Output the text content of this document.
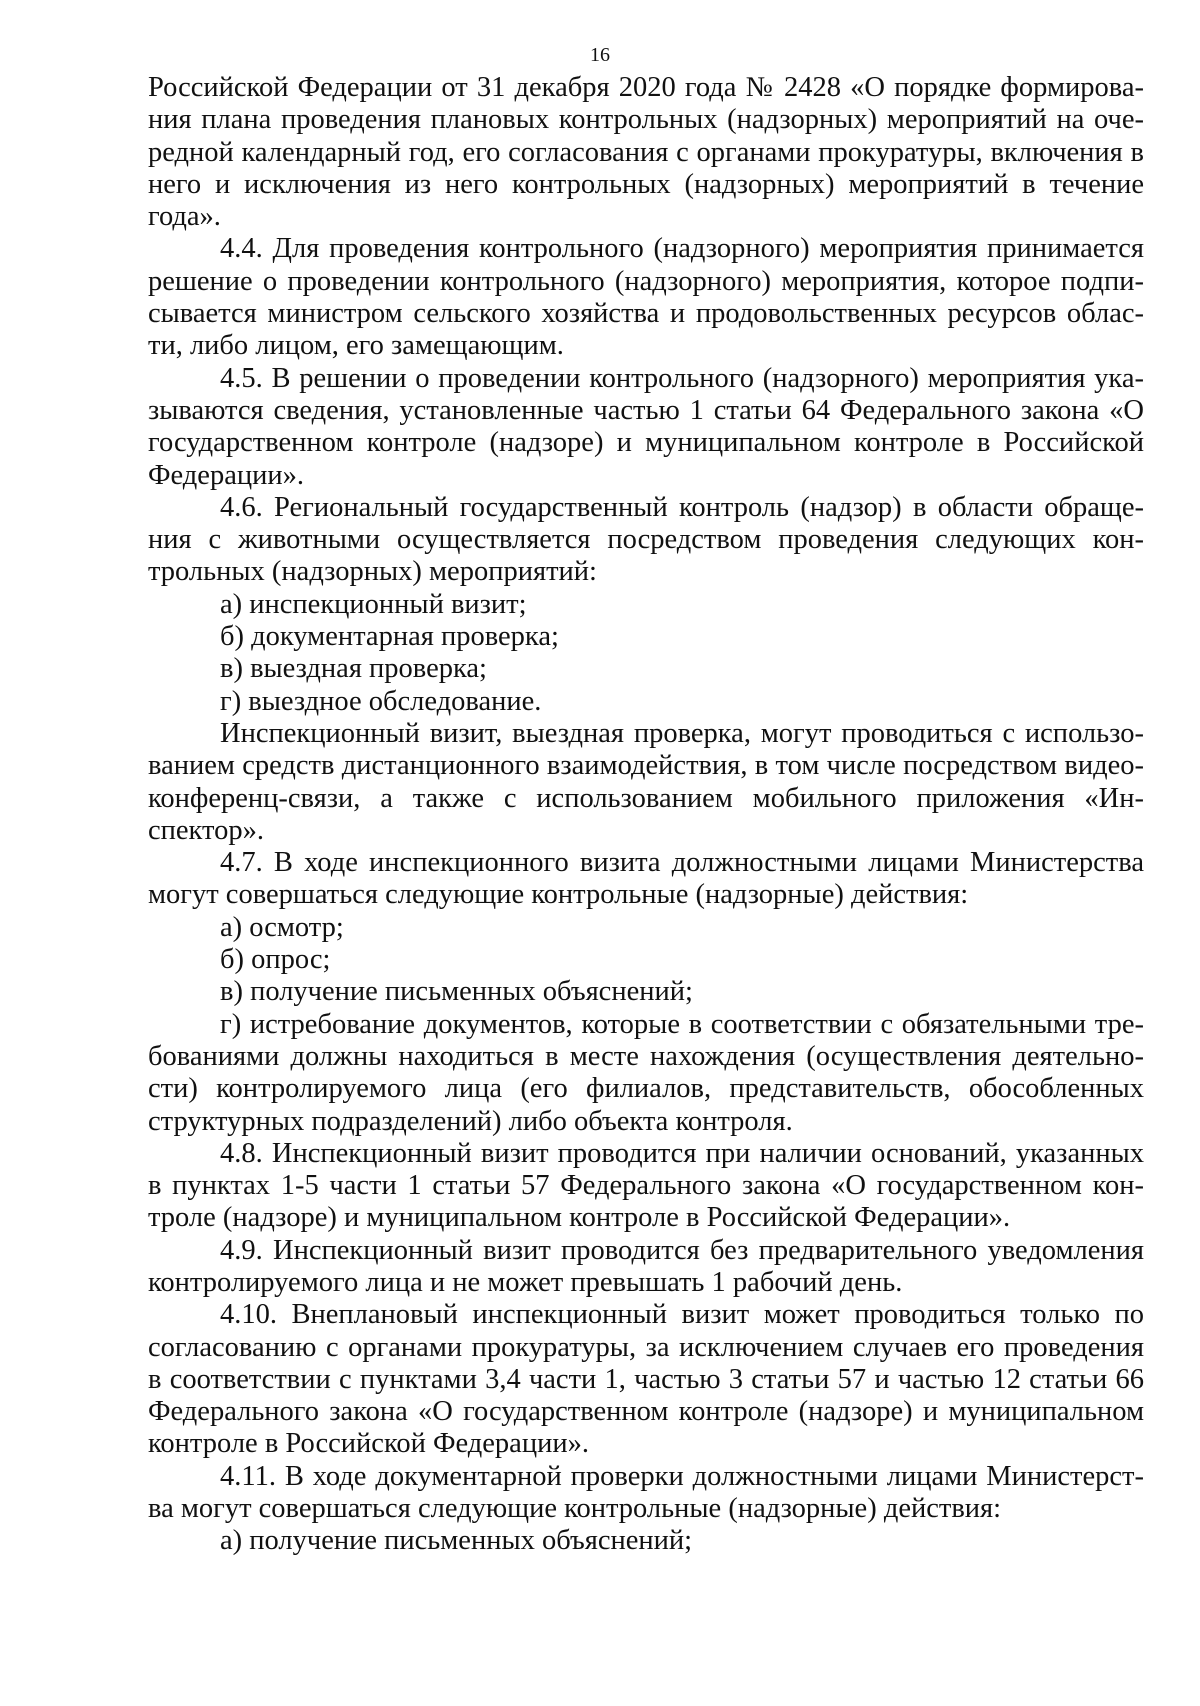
16

Российской Федерации от 31 декабря 2020 года № 2428 «О порядке формирования плана проведения плановых контрольных (надзорных) мероприятий на очередной календарный год, его согласования с органами прокуратуры, включения в него и исключения из него контрольных (надзорных) мероприятий в течение года».

4.4. Для проведения контрольного (надзорного) мероприятия принимается решение о проведении контрольного (надзорного) мероприятия, которое подписывается министром сельского хозяйства и продовольственных ресурсов области, либо лицом, его замещающим.

4.5. В решении о проведении контрольного (надзорного) мероприятия указываются сведения, установленные частью 1 статьи 64 Федерального закона «О государственном контроле (надзоре) и муниципальном контроле в Российской Федерации».

4.6. Региональный государственный контроль (надзор) в области обращения с животными осуществляется посредством проведения следующих контрольных (надзорных) мероприятий:

а) инспекционный визит;

б) документарная проверка;

в) выездная проверка;

г) выездное обследование.

Инспекционный визит, выездная проверка, могут проводиться с использованием средств дистанционного взаимодействия, в том числе посредством видео-конференц-связи, а также с использованием мобильного приложения «Инспектор».

4.7. В ходе инспекционного визита должностными лицами Министерства могут совершаться следующие контрольные (надзорные) действия:

а) осмотр;

б) опрос;

в) получение письменных объяснений;

г) истребование документов, которые в соответствии с обязательными требованиями должны находиться в месте нахождения (осуществления деятельности) контролируемого лица (его филиалов, представительств, обособленных структурных подразделений) либо объекта контроля.

4.8. Инспекционный визит проводится при наличии оснований, указанных в пунктах 1-5 части 1 статьи 57 Федерального закона «О государственном контроле (надзоре) и муниципальном контроле в Российской Федерации».

4.9. Инспекционный визит проводится без предварительного уведомления контролируемого лица и не может превышать 1 рабочий день.

4.10. Внеплановый инспекционный визит может проводиться только по согласованию с органами прокуратуры, за исключением случаев его проведения в соответствии с пунктами 3,4 части 1, частью 3 статьи 57 и частью 12 статьи 66 Федерального закона «О государственном контроле (надзоре) и муниципальном контроле в Российской Федерации».

4.11. В ходе документарной проверки должностными лицами Министерства могут совершаться следующие контрольные (надзорные) действия:

а) получение письменных объяснений;
